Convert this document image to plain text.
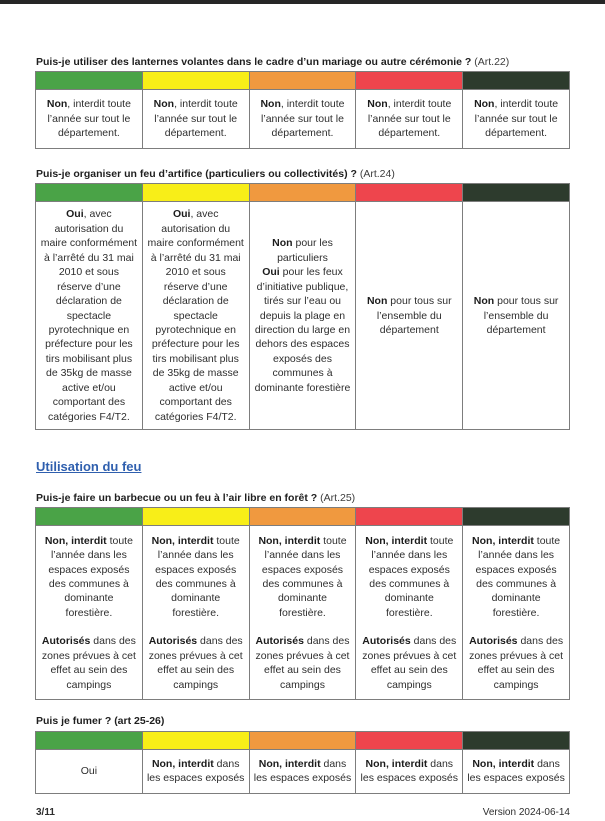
Puis-je utiliser des lanternes volantes dans le cadre d’un mariage ou autre cérémonie ? (Art.22)

Non, interdit toute l’année sur tout le département.

Non, interdit toute l’année sur tout le département.

Non, interdit toute l’année sur tout le département.

Non, interdit toute l’année sur tout le département.

Non, interdit toute l’année sur tout le département.

Puis-je organiser un feu d’artifice (particuliers ou collectivités) ? (Art.24)

Oui, avec autorisation du maire conformément à l’arrêté du 31 mai 2010 et sous réserve d’une déclaration de spectacle pyrotechnique en préfecture pour les tirs mobilisant plus de 35kg de masse active et/ou comportant des catégories F4/T2.

Oui, avec autorisation du maire conformément à l’arrêté du 31 mai 2010 et sous réserve d’une déclaration de spectacle pyrotechnique en préfecture pour les tirs mobilisant plus de 35kg de masse active et/ou comportant des catégories F4/T2.

Non pour les particuliers

Oui pour les feux d’initiative publique, tirés sur l’eau ou depuis la plage en direction du large en dehors des espaces exposés des communes à dominante forestière

Non pour tous sur l’ensemble du département

Non pour tous sur l’ensemble du département

Utilisation du feu

Puis-je faire un barbecue ou un feu à l’air libre en forêt ? (Art.25)

Non, interdit toute l’année dans les espaces exposés des communes à dominante forestière.

Autorisés dans des zones prévues à cet effet au sein des campings

Non, interdit toute l’année dans les espaces exposés des communes à dominante forestière.

Autorisés dans des zones prévues à cet effet au sein des campings

Non, interdit toute l’année dans les espaces exposés des communes à dominante forestière.

Autorisés dans des zones prévues à cet effet au sein des campings

Non, interdit toute l’année dans les espaces exposés des communes à dominante forestière.

Autorisés dans des zones prévues à cet effet au sein des campings

Non, interdit toute l’année dans les espaces exposés des communes à dominante forestière.

Autorisés dans des zones prévues à cet effet au sein des campings

Puis je fumer ? (art 25-26)

Oui

Non, interdit dans les espaces exposés

Non, interdit dans les espaces exposés

Non, interdit dans les espaces exposés

Non, interdit dans les espaces exposés

3/11	Version 2024-06-14
